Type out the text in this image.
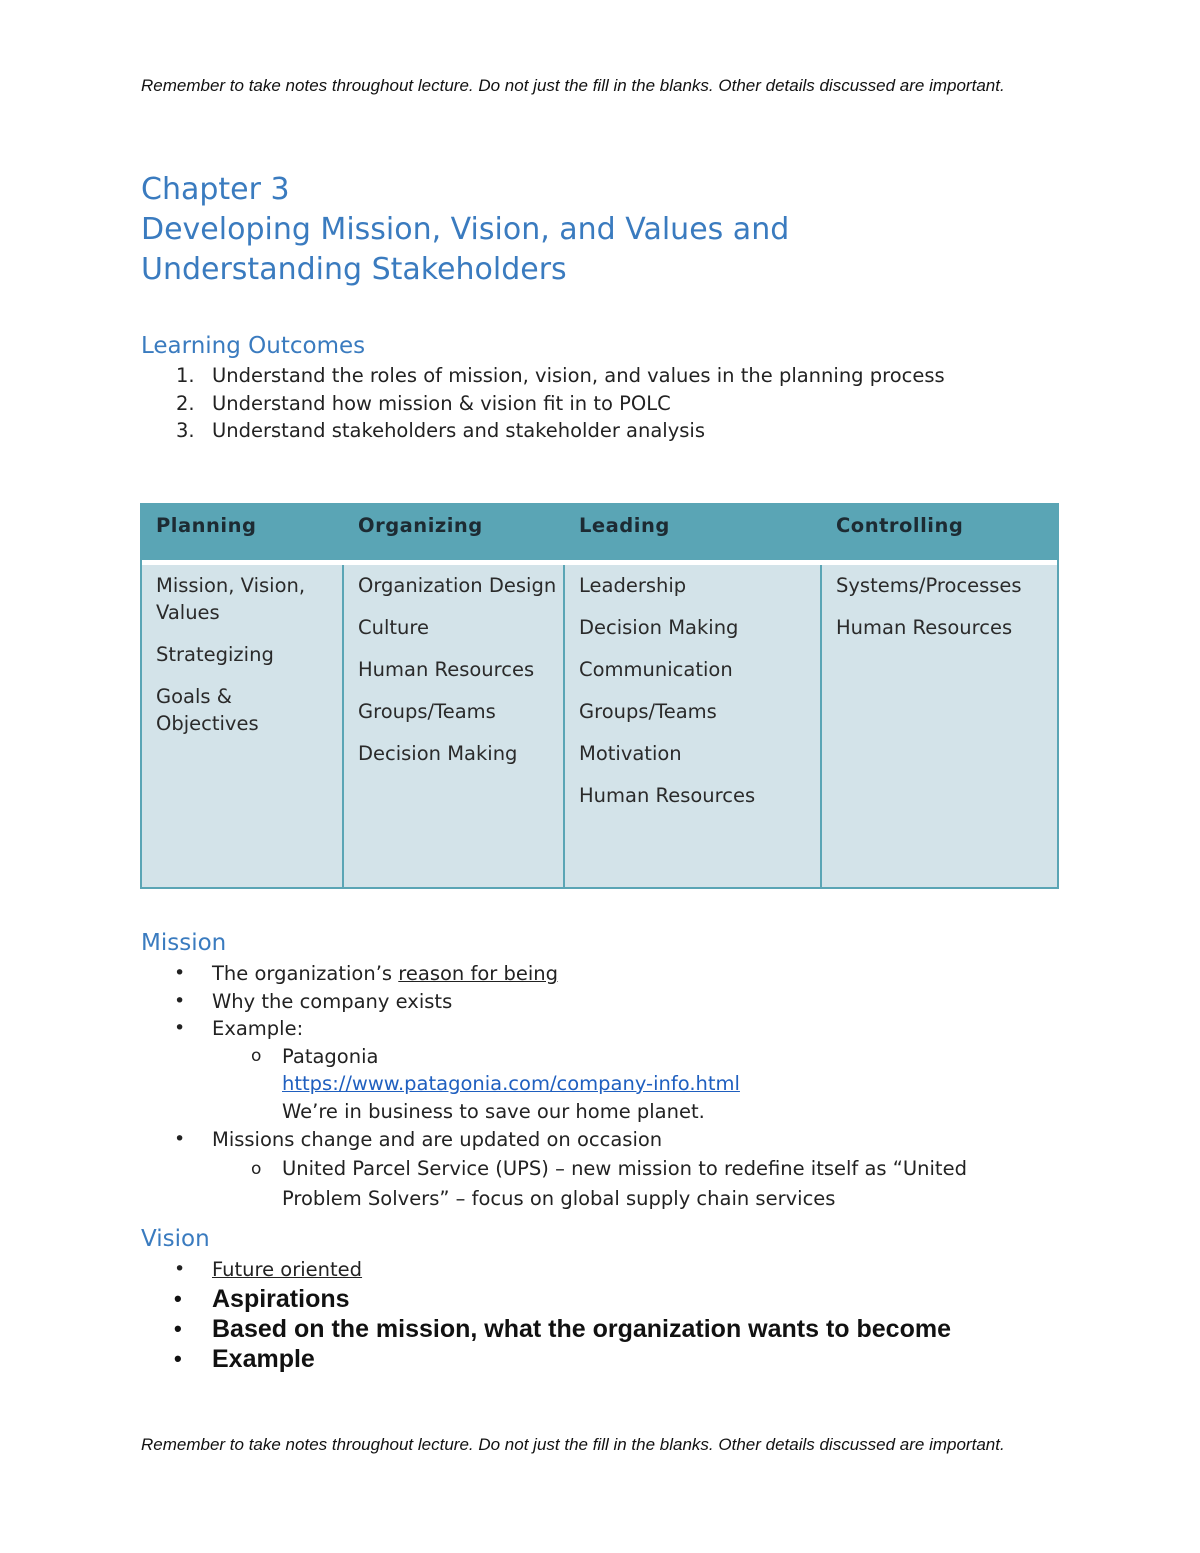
Remember to take notes throughout lecture. Do not just the fill in the blanks. Other details discussed are important.
Chapter 3
Developing Mission, Vision, and Values and
Understanding Stakeholders
Learning Outcomes
1. Understand the roles of mission, vision, and values in the planning process
2. Understand how mission & vision fit in to POLC
3. Understand stakeholders and stakeholder analysis
Planning
Mission, Vision, Values
Strategizing
Goals & Objectives
Organizing
Organization Design
Culture
Human Resources
Groups/Teams
Decision Making
Leading
Leadership
Decision Making
Communication
Groups/Teams
Motivation
Human Resources
Controlling
Systems/Processes
Human Resources
Mission
• The organization’s reason for being
• Why the company exists
• Example:
o Patagonia
https://www.patagonia.com/company-info.html
We’re in business to save our home planet.
• Missions change and are updated on occasion
o United Parcel Service (UPS) – new mission to redefine itself as “United
Problem Solvers” – focus on global supply chain services
Vision
• Future oriented
• Aspirations
• Based on the mission, what the organization wants to become
• Example
Remember to take notes throughout lecture. Do not just the fill in the blanks. Other details discussed are important.
